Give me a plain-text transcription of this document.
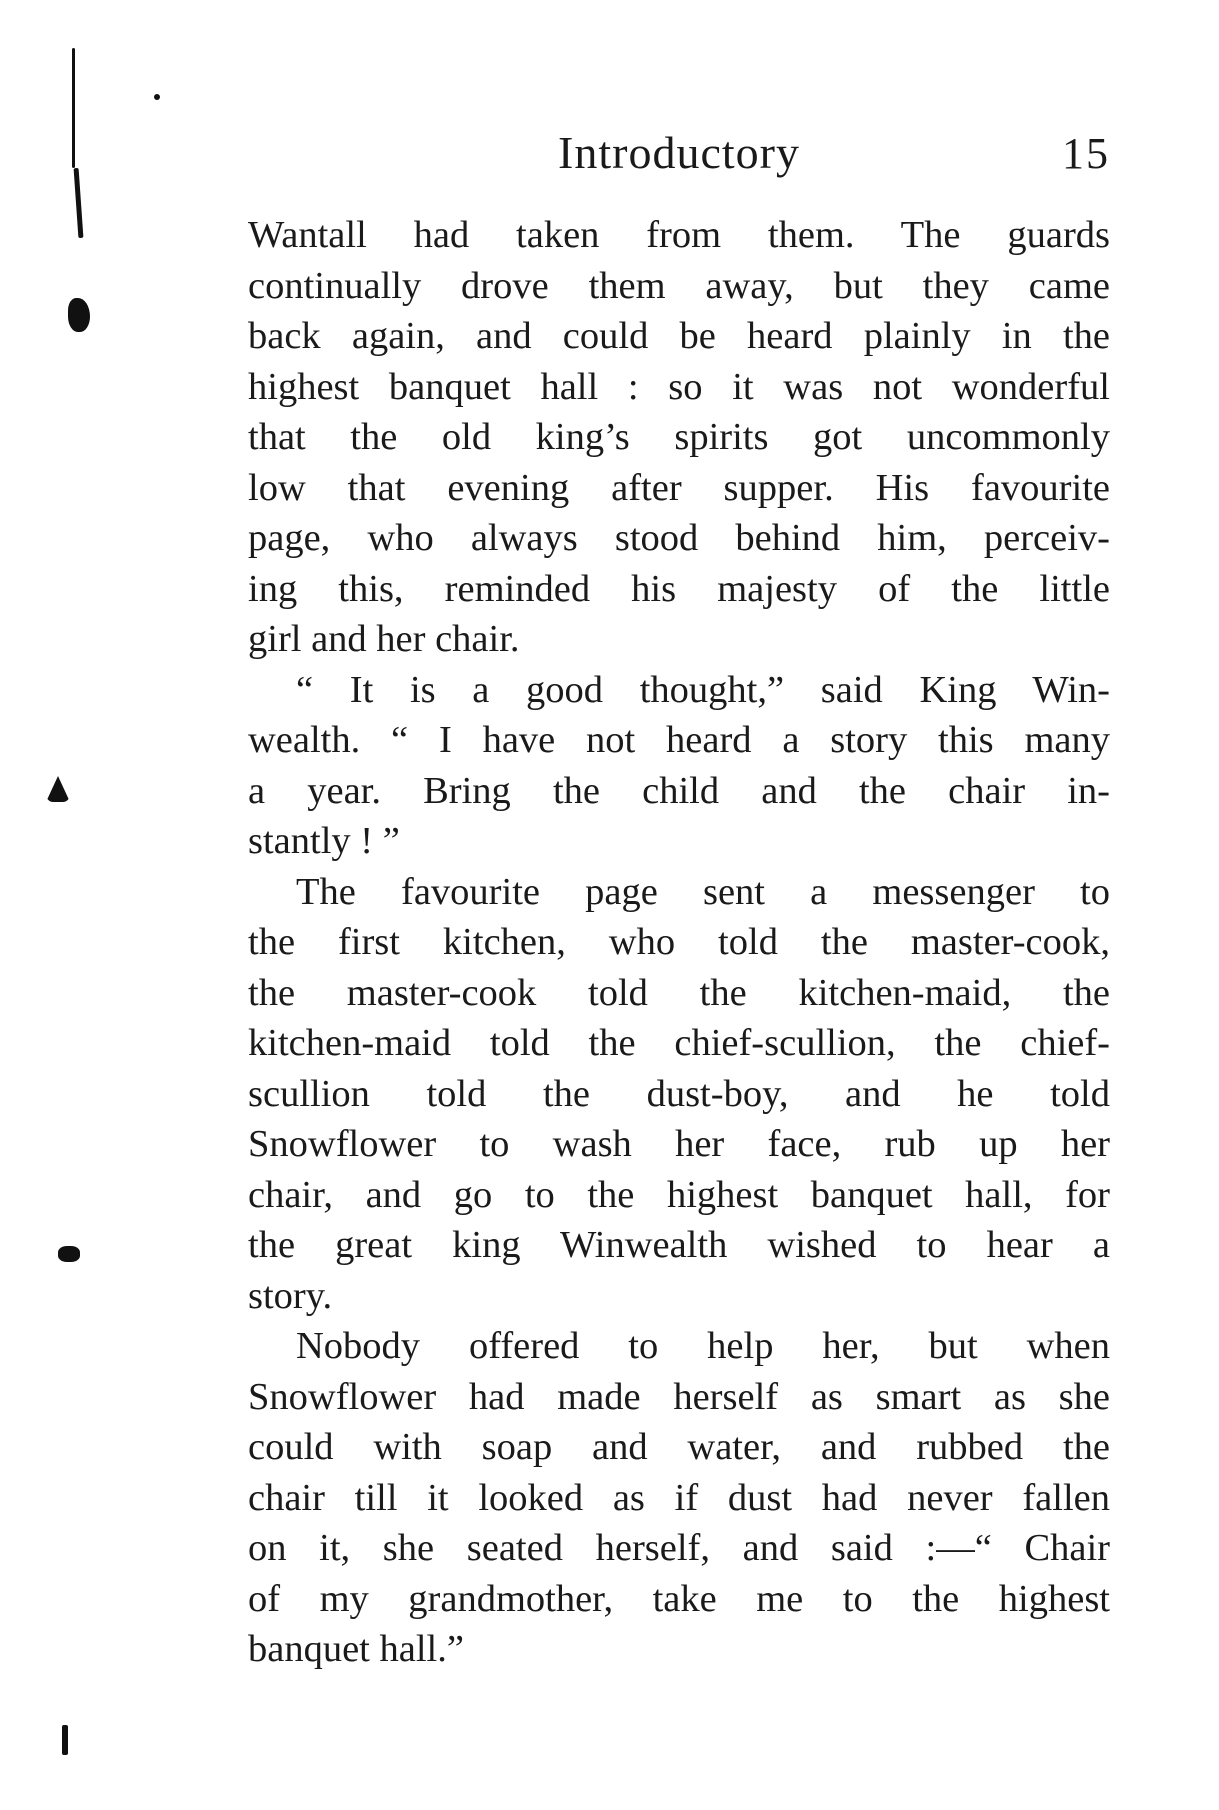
Introductory	15
Wantall had taken from them. The guards
continually drove them away, but they came
back again, and could be heard plainly in the
highest banquet hall : so it was not wonderful
that the old king’s spirits got uncommonly
low that evening after supper. His favourite
page, who always stood behind him, perceiv-
ing this, reminded his majesty of the little
girl and her chair.
“ It is a good thought,” said King Win-
wealth. “ I have not heard a story this many
a year. Bring the child and the chair in-
stantly ! ”
The favourite page sent a messenger to
the first kitchen, who told the master-cook,
the master-cook told the kitchen-maid, the
kitchen-maid told the chief-scullion, the chief-
scullion told the dust-boy, and he told
Snowflower to wash her face, rub up her
chair, and go to the highest banquet hall, for
the great king Winwealth wished to hear a
story.
Nobody offered to help her, but when
Snowflower had made herself as smart as she
could with soap and water, and rubbed the
chair till it looked as if dust had never fallen
on it, she seated herself, and said :—“ Chair
of my grandmother, take me to the highest
banquet hall.”
